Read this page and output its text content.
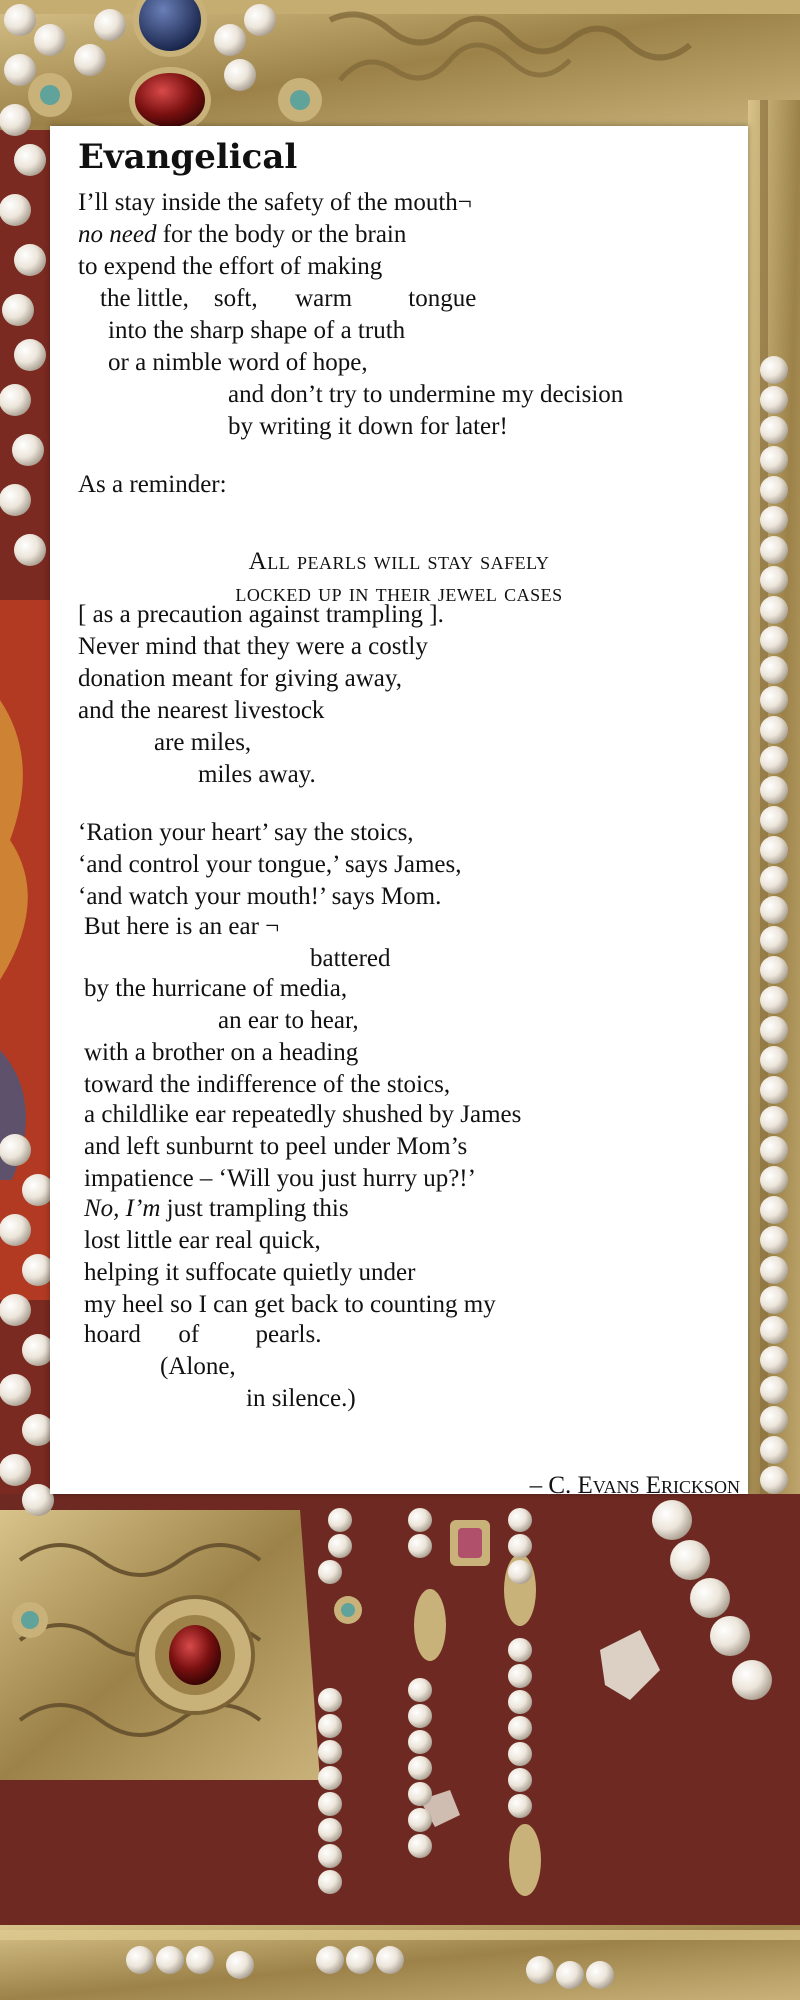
Evangelical

I’ll stay inside the safety of the mouth¬

no need for the body or the brain

to expend the effort of making

the little,    soft,      warm         tongue

into the sharp shape of a truth

or a nimble word of hope,

and don’t try to undermine my decision

by writing it down for later!

As a reminder:

All pearls will stay safely

locked up in their jewel cases

[ as a precaution against trampling ].

Never mind that they were a costly

donation meant for giving away,

and the nearest livestock

are miles,

miles away.

‘Ration your heart’ say the stoics,

‘and control your tongue,’ says James,

‘and watch your mouth!’ says Mom.

But here is an ear ¬

battered

by the hurricane of media,

an ear to hear,

with a brother on a heading

toward the indifference of the stoics,

a childlike ear repeatedly shushed by James

and left sunburnt to peel under Mom’s

impatience – ‘Will you just hurry up?!’

No, I’m just trampling this

lost little ear real quick,

helping it suffocate quietly under

my heel so I can get back to counting my

hoard      of         pearls.

(Alone,

in silence.)

– C. Evans Erickson
